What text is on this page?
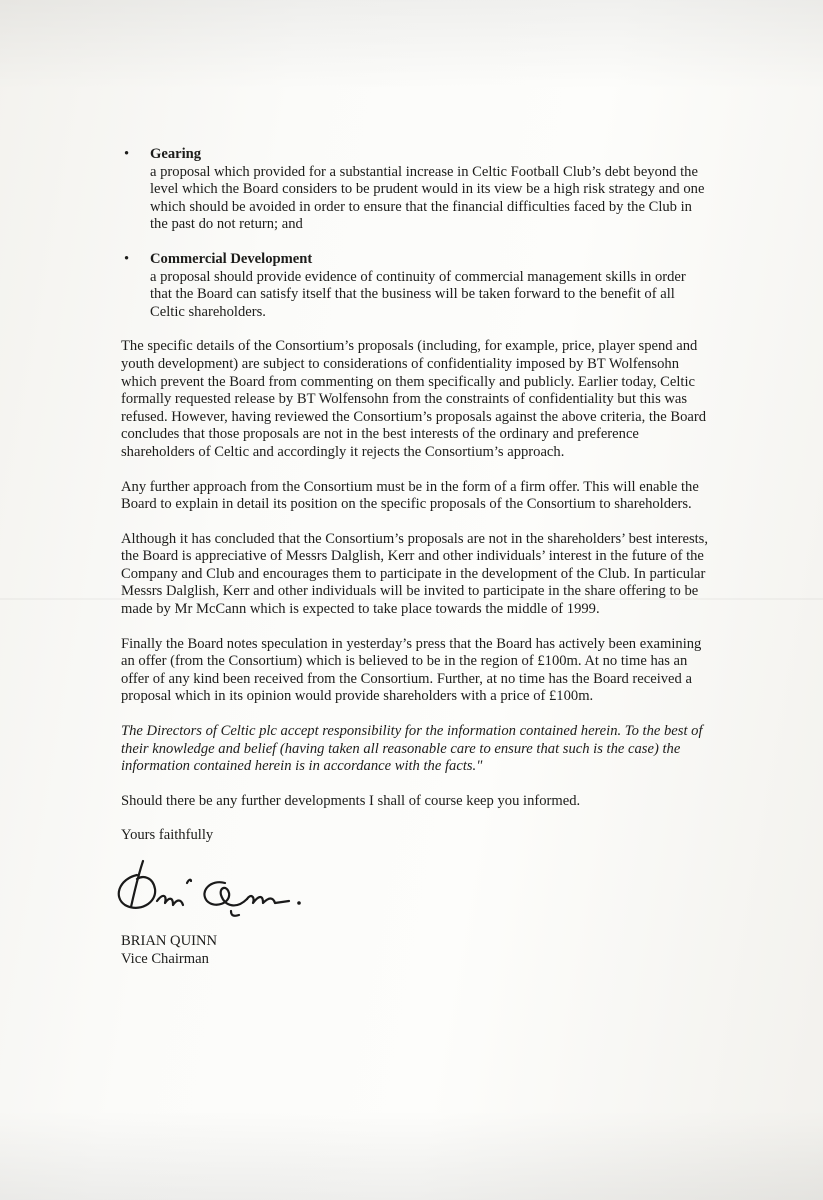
• Gearing

a proposal which provided for a substantial increase in Celtic Football Club’s debt beyond the level which the Board considers to be prudent would in its view be a high risk strategy and one which should be avoided in order to ensure that the financial difficulties faced by the Club in the past do not return; and

• Commercial Development

a proposal should provide evidence of continuity of commercial management skills in order that the Board can satisfy itself that the business will be taken forward to the benefit of all Celtic shareholders.

The specific details of the Consortium’s proposals (including, for example, price, player spend and youth development) are subject to considerations of confidentiality imposed by BT Wolfensohn which prevent the Board from commenting on them specifically and publicly. Earlier today, Celtic formally requested release by BT Wolfensohn from the constraints of confidentiality but this was refused. However, having reviewed the Consortium’s proposals against the above criteria, the Board concludes that those proposals are not in the best interests of the ordinary and preference shareholders of Celtic and accordingly it rejects the Consortium’s approach.

Any further approach from the Consortium must be in the form of a firm offer. This will enable the Board to explain in detail its position on the specific proposals of the Consortium to shareholders.

Although it has concluded that the Consortium’s proposals are not in the shareholders’ best interests, the Board is appreciative of Messrs Dalglish, Kerr and other individuals’ interest in the future of the Company and Club and encourages them to participate in the development of the Club. In particular Messrs Dalglish, Kerr and other individuals will be invited to participate in the share offering to be made by Mr McCann which is expected to take place towards the middle of 1999.

Finally the Board notes speculation in yesterday’s press that the Board has actively been examining an offer (from the Consortium) which is believed to be in the region of £100m. At no time has an offer of any kind been received from the Consortium. Further, at no time has the Board received a proposal which in its opinion would provide shareholders with a price of £100m.

The Directors of Celtic plc accept responsibility for the information contained herein. To the best of their knowledge and belief (having taken all reasonable care to ensure that such is the case) the information contained herein is in accordance with the facts."

Should there be any further developments I shall of course keep you informed.

Yours faithfully

BRIAN QUINN

Vice Chairman
